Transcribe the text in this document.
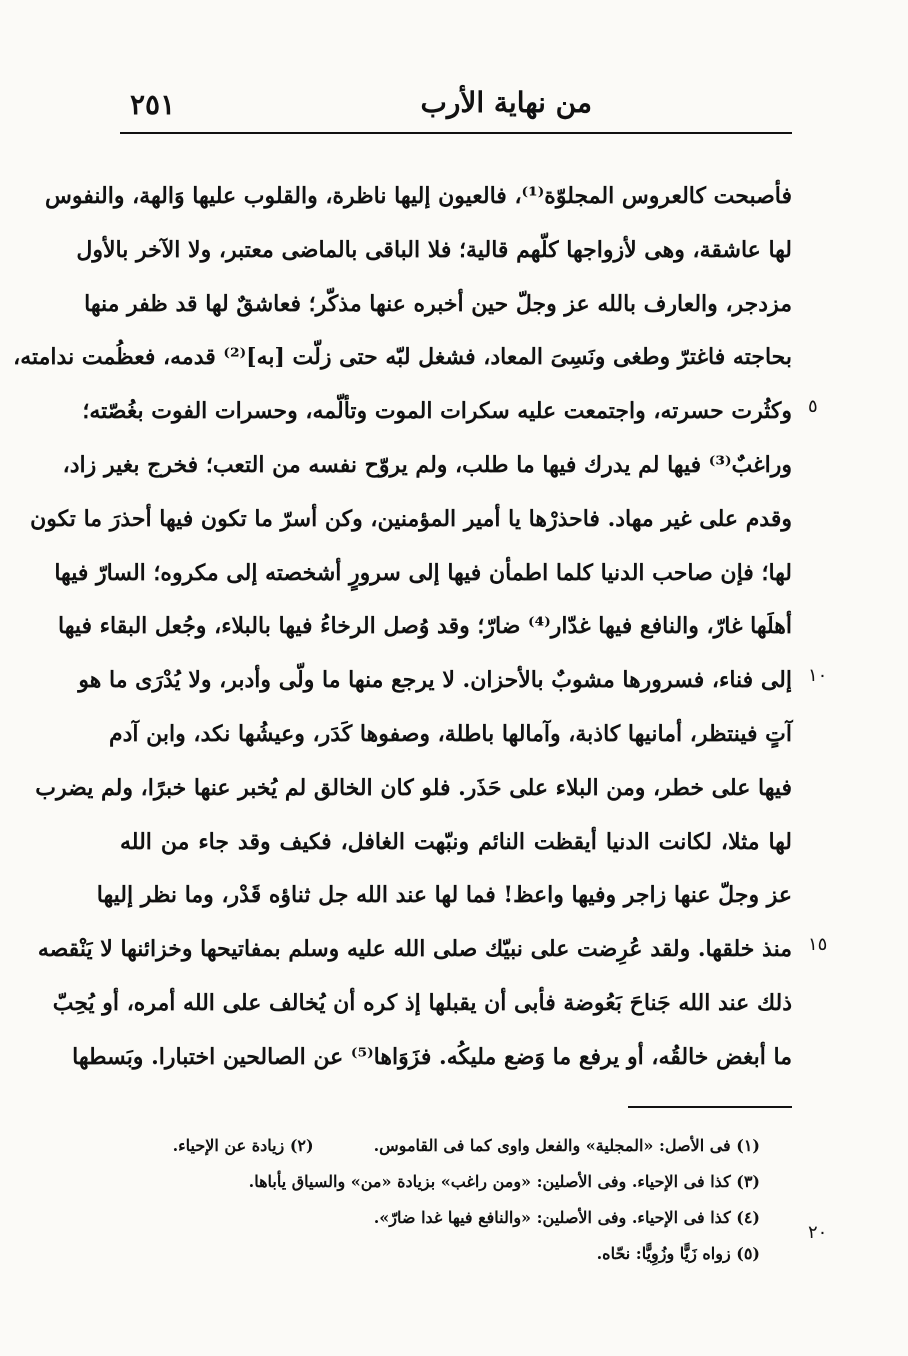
٢٥١	من نهاية الأرب
فأصبحت كالعروس المجلوّة⁽¹⁾، فالعيون إليها ناظرة، والقلوب عليها وَالهة، والنفوس
لها عاشقة، وهى لأزواجها كلّهم قالية؛ فلا الباقى بالماضى معتبر، ولا الآخر بالأول
مزدجر، والعارف بالله عز وجلّ حين أخبره عنها مذكّر؛ فعاشقٌ لها قد ظفر منها
بحاجته فاغترّ وطغى ونَسِىَ المعاد، فشغل لبّه حتى زلّت [به]⁽²⁾ قدمه، فعظُمت ندامته،
وكثُرت حسرته، واجتمعت عليه سكرات الموت وتألّمه، وحسرات الفوت بغُصّته؛
وراغبٌ⁽³⁾ فيها لم يدرك فيها ما طلب، ولم يروّح نفسه من التعب؛ فخرج بغير زاد،
وقدم على غير مهاد. فاحذرْها يا أمير المؤمنين، وكن أسرّ ما تكون فيها أحذرَ ما تكون
لها؛ فإن صاحب الدنيا كلما اطمأن فيها إلى سرورٍ أشخصته إلى مكروه؛ السارّ فيها
أهلَها غارّ، والنافع فيها غدّار⁽⁴⁾ ضارّ؛ وقد وُصل الرخاءُ فيها بالبلاء، وجُعل البقاء فيها
إلى فناء، فسرورها مشوبٌ بالأحزان. لا يرجع منها ما ولّى وأدبر، ولا يُدْرَى ما هو
آتٍ فينتظر، أمانيها كاذبة، وآمالها باطلة، وصفوها كَدَر، وعيشُها نكد، وابن آدم
فيها على خطر، ومن البلاء على حَذَر. فلو كان الخالق لم يُخبر عنها خبرًا، ولم يضرب
لها مثلا، لكانت الدنيا أيقظت النائم ونبّهت الغافل، فكيف وقد جاء من الله
عز وجلّ عنها زاجر وفيها واعظ! فما لها عند الله جل ثناؤه قَدْر، وما نظر إليها
منذ خلقها. ولقد عُرِضت على نبيّك صلى الله عليه وسلم بمفاتيحها وخزائنها لا يَنْقصه
ذلك عند الله جَناحَ بَعُوضة فأبى أن يقبلها إذ كره أن يُخالف على الله أمره، أو يُحِبّ
ما أبغض خالقُه، أو يرفع ما وَضع مليكُه. فزَوَاها⁽⁵⁾ عن الصالحين اختبارا. وبَسطها
٥
١٠
١٥
(١) فى الأصل: «المجلية» والفعل واوى كما فى القاموس.(٢) زيادة عن الإحياء.
(٣) كذا فى الإحياء. وفى الأصلين: «ومن راغب» بزيادة «من» والسياق يأباها.
(٤) كذا فى الإحياء. وفى الأصلين: «والنافع فيها غدا ضارّ».
(٥) زواه زَيًّا وزُوِيًّا: نحّاه.
٢٠
